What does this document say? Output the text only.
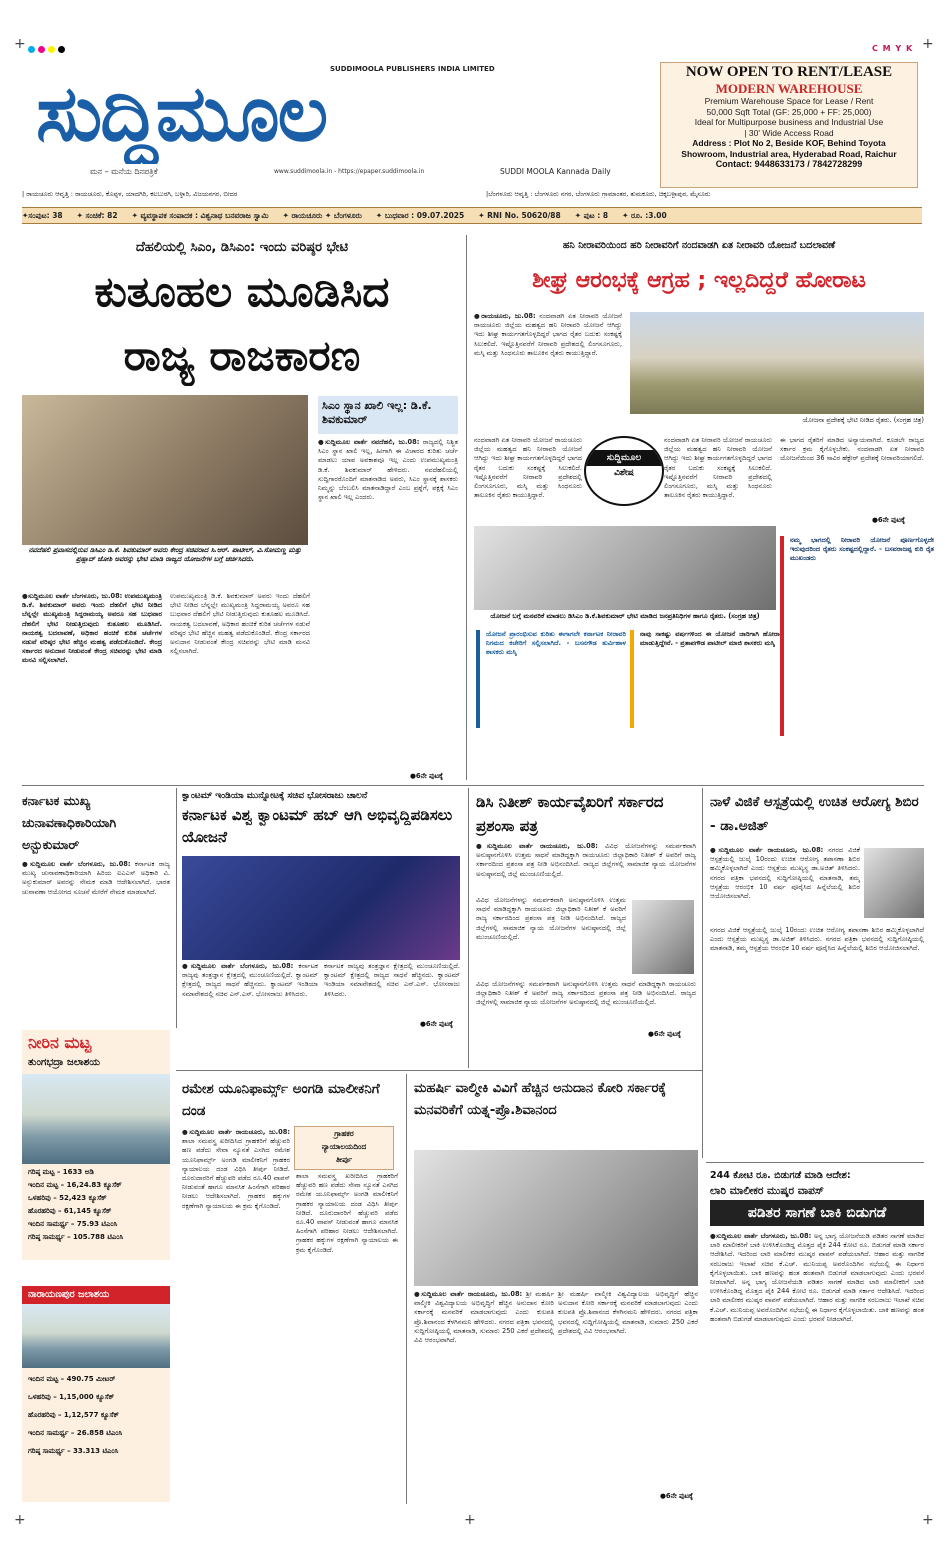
+	+
+	+
+
C M Y K
ಸುದ್ದಿಮೂಲ SUDDIMOOLA PUBLISHERS INDIA LIMITED
ಮನ – ಮನೆಯ ದಿನಪತ್ರಿಕೆ	www.suddimoola.in - https://epaper.suddimoola.in	SUDDI MOOLA Kannada Daily
NOW OPEN TO RENT/LEASE
MODERN WAREHOUSE
Premium Warehouse Space for Lease / Rent
50,000 Sqft Total (GF: 25,000 + FF: 25,000)
Ideal for Multipurpose business and Industrial Use
| 30' Wide Access Road
Address : Plot No 2, Beside KOF, Behind Toyota Showroom, Industrial area, Hyderabad Road, Raichur
Contact: 9448633173 / 7842728299
| ರಾಯಚೂರು ಆವೃತ್ತಿ : ರಾಯಚೂರು, ಕೊಪ್ಪಳ, ಯಾದಗಿರಿ, ಕಲಬುರಗಿ, ಬಳ್ಳಾರಿ, ವಿಜಯನಗರ, ಬೀದರ	|ಬೆಂಗಳೂರು ಆವೃತ್ತಿ : ಬೆಂಗಳೂರು ನಗರ, ಬೆಂಗಳೂರು ಗ್ರಾಮಾಂತರ, ತುಮಕೂರು, ಚಿಕ್ಕಬಳ್ಳಾಪುರ, ಮೈಸೂರು
✦ಸಂಪುಟ: 38 ✦ ಸಂಚಿಕೆ: 82 ✦ ವ್ಯವಸ್ಥಾಪಕ ಸಂಪಾದಕ : ವಿಶ್ವನಾಥ ಬನವರಾಜ ಸ್ವಾಮಿ ✦ ರಾಯಚೂರು ✦ ಬೆಂಗಳೂರು ✦ ಬುಧವಾರ : 09.07.2025 ✦ RNI No. 50620/88 ✦ ಪುಟ : 8 ✦ ರೂ. :3.00
ದೆಹಲಿಯಲ್ಲಿ ಸಿಎಂ, ಡಿಸಿಎಂ: ಇಂದು ವರಿಷ್ಠರ ಭೇಟಿ
ಕುತೂಹಲ ಮೂಡಿಸಿದ
ರಾಜ್ಯ ರಾಜಕಾರಣ
ನವದೆಹಲಿ ಪ್ರವಾಸದಲ್ಲಿರುವ ಡಿಸಿಎಂ ಡಿ.ಕೆ. ಶಿವಕುಮಾರ್ ಅವರು ಕೇಂದ್ರ ಸಚಿವರಾದ ಸಿ.ಆರ್. ಪಾಟೀಲ್, ವಿ.ಸೋಮಣ್ಣ ಮತ್ತು ಪ್ರಹ್ಲಾದ್ ಜೋಶಿ ಅವರನ್ನು ಭೇಟಿ ಮಾಡಿ ರಾಜ್ಯದ ಯೋಜನೆಗಳ ಬಗ್ಗೆ ಚರ್ಚಿಸಿದರು.
ಸಿಎಂ ಸ್ಥಾನ ಖಾಲಿ ಇಲ್ಲ: ಡಿ.ಕೆ. ಶಿವಕುಮಾರ್
●ಸುದ್ದಿಮೂಲ ವಾರ್ತೆ ನವದೆಹಲಿ, ಜು.08: ರಾಜ್ಯದಲ್ಲಿ ನಿಶ್ಚಿತ ಸಿಎಂ ಸ್ಥಾನ ಖಾಲಿ ಇಲ್ಲ, ಹೀಗಾಗಿ ಈ ವಿಚಾರದ ಕುರಿತು ಚರ್ಚೆ ಮಾಡಲು ಯಾವ ಅವಕಾಶವೂ ಇಲ್ಲ ಎಂದು ಉಪಮುಖ್ಯಮಂತ್ರಿ ಡಿ.ಕೆ. ಶಿವಕುಮಾರ್ ಹೇಳಿದರು. ನವದೆಹಲಿಯಲ್ಲಿ ಸುದ್ದಿಗಾರರೊಂದಿಗೆ ಮಾತನಾಡಿದ ಅವರು, ಸಿಎಂ ಸ್ಥಾನಕ್ಕೆ ಶಾಸಕರು ನಿಮ್ಮನ್ನು ಬೆಂಬಲಿಸಿ ಮಾತನಾಡಿದ್ದಾರೆ ಎಂಬ ಪ್ರಶ್ನೆಗೆ, ಪಕ್ಷಕ್ಕೆ ಸಿಎಂ ಸ್ಥಾನ ಖಾಲಿ ಇಲ್ಲ ಎಂದರು.
●ಸುದ್ದಿಮೂಲ ವಾರ್ತೆ ಬೆಂಗಳೂರು, ಜು.08: ಉಪಮುಖ್ಯಮಂತ್ರಿ ಡಿ.ಕೆ. ಶಿವಕುಮಾರ್ ಅವರು ಇಂದು ದೆಹಲಿಗೆ ಭೇಟಿ ನೀಡಿದ ಬೆನ್ನಲ್ಲೇ ಮುಖ್ಯಮಂತ್ರಿ ಸಿದ್ದರಾಮಯ್ಯ ಅವರೂ ಸಹ ಬುಧವಾರ ದೆಹಲಿಗೆ ಭೇಟಿ ನೀಡುತ್ತಿರುವುದು ಕುತೂಹಲ ಮೂಡಿಸಿದೆ. ನಾಯಕತ್ವ ಬದಲಾವಣೆ, ಅಧಿಕಾರ ಹಂಚಿಕೆ ಕುರಿತ ಚರ್ಚೆಗಳ ನಡುವೆ ವರಿಷ್ಠರ ಭೇಟಿ ಹೆಚ್ಚಿನ ಮಹತ್ವ ಪಡೆದುಕೊಂಡಿದೆ. ಕೇಂದ್ರ ಸರ್ಕಾರದ ಅನುದಾನ ನೀಡುವಂತೆ ಕೇಂದ್ರ ಸಚಿವರನ್ನು ಭೇಟಿ ಮಾಡಿ ಮನವಿ ಸಲ್ಲಿಸಲಾಗಿದೆ.
ಉಪಮುಖ್ಯಮಂತ್ರಿ ಡಿ.ಕೆ. ಶಿವಕುಮಾರ್ ಅವರು ಇಂದು ದೆಹಲಿಗೆ ಭೇಟಿ ನೀಡಿದ ಬೆನ್ನಲ್ಲೇ ಮುಖ್ಯಮಂತ್ರಿ ಸಿದ್ದರಾಮಯ್ಯ ಅವರೂ ಸಹ ಬುಧವಾರ ದೆಹಲಿಗೆ ಭೇಟಿ ನೀಡುತ್ತಿರುವುದು ಕುತೂಹಲ ಮೂಡಿಸಿದೆ. ನಾಯಕತ್ವ ಬದಲಾವಣೆ, ಅಧಿಕಾರ ಹಂಚಿಕೆ ಕುರಿತ ಚರ್ಚೆಗಳ ನಡುವೆ ವರಿಷ್ಠರ ಭೇಟಿ ಹೆಚ್ಚಿನ ಮಹತ್ವ ಪಡೆದುಕೊಂಡಿದೆ. ಕೇಂದ್ರ ಸರ್ಕಾರದ ಅನುದಾನ ನೀಡುವಂತೆ ಕೇಂದ್ರ ಸಚಿವರನ್ನು ಭೇಟಿ ಮಾಡಿ ಮನವಿ ಸಲ್ಲಿಸಲಾಗಿದೆ.
●6ನೇ ಪುಟಕ್ಕೆ
ಹನಿ ನೀರಾವರಿಯಿಂದ ಹರಿ ನೀರಾವರಿಗೆ ನಂದವಾಡಗಿ ಏತ ನೀರಾವರಿ ಯೋಜನೆ ಬದಲಾವಣೆ
ಶೀಘ್ರ ಆರಂಭಕ್ಕೆ ಆಗ್ರಹ ; ಇಲ್ಲದಿದ್ದರೆ ಹೋರಾಟ
●ರಾಯಚೂರು, ಜು.08: ನಂದವಾಡಗಿ ಏತ ನೀರಾವರಿ ಯೋಜನೆ ರಾಯಚೂರು ಜಿಲ್ಲೆಯ ಮಹತ್ವದ ಹನಿ ನೀರಾವರಿ ಯೋಜನೆ ಆಗಿದ್ದು ಇದು ಶೀಘ್ರ ಕಾರ್ಯಗತಗೊಳ್ಳದಿದ್ದರೆ ಭಾಗದ ರೈತರ ಬದುಕು ಸಂಕಷ್ಟಕ್ಕೆ ಸಿಲುಕಲಿದೆ. ಇಷ್ಟೊತ್ತಿನವರೆಗೆ ನೀರಾವರಿ ಪ್ರದೇಶದಲ್ಲಿ ಲಿಂಗಸೂಗೂರು, ಮಸ್ಕಿ ಮತ್ತು ಸಿಂಧನೂರು ತಾಲೂಕಿನ ರೈತರು ಕಾಯುತ್ತಿದ್ದಾರೆ.
ಯೋಜನಾ ಪ್ರದೇಶಕ್ಕೆ ಭೇಟಿ ನೀಡಿದ ರೈತರು. (ಸಂಗ್ರಹ ಚಿತ್ರ)
ಸುದ್ದಿಮೂಲ
ವಿಶೇಷ
ನಂದವಾಡಗಿ ಏತ ನೀರಾವರಿ ಯೋಜನೆ ರಾಯಚೂರು ಜಿಲ್ಲೆಯ ಮಹತ್ವದ ಹನಿ ನೀರಾವರಿ ಯೋಜನೆ ಆಗಿದ್ದು ಇದು ಶೀಘ್ರ ಕಾರ್ಯಗತಗೊಳ್ಳದಿದ್ದರೆ ಭಾಗದ ರೈತರ ಬದುಕು ಸಂಕಷ್ಟಕ್ಕೆ ಸಿಲುಕಲಿದೆ. ಇಷ್ಟೊತ್ತಿನವರೆಗೆ ನೀರಾವರಿ ಪ್ರದೇಶದಲ್ಲಿ ಲಿಂಗಸೂಗೂರು, ಮಸ್ಕಿ ಮತ್ತು ಸಿಂಧನೂರು ತಾಲೂಕಿನ ರೈತರು ಕಾಯುತ್ತಿದ್ದಾರೆ.
ನಂದವಾಡಗಿ ಏತ ನೀರಾವರಿ ಯೋಜನೆ ರಾಯಚೂರು ಜಿಲ್ಲೆಯ ಮಹತ್ವದ ಹನಿ ನೀರಾವರಿ ಯೋಜನೆ ಆಗಿದ್ದು ಇದು ಶೀಘ್ರ ಕಾರ್ಯಗತಗೊಳ್ಳದಿದ್ದರೆ ಭಾಗದ ರೈತರ ಬದುಕು ಸಂಕಷ್ಟಕ್ಕೆ ಸಿಲುಕಲಿದೆ. ಇಷ್ಟೊತ್ತಿನವರೆಗೆ ನೀರಾವರಿ ಪ್ರದೇಶದಲ್ಲಿ ಲಿಂಗಸೂಗೂರು, ಮಸ್ಕಿ ಮತ್ತು ಸಿಂಧನೂರು ತಾಲೂಕಿನ ರೈತರು ಕಾಯುತ್ತಿದ್ದಾರೆ.
ಈ ಭಾಗದ ರೈತರಿಗೆ ಮಾಡಿದ ಅನ್ಯಾಯವಾಗಿದೆ. ಕೂಡಲೇ ರಾಜ್ಯದ ಸರ್ಕಾರ ಕ್ರಮ ಕೈಗೊಳ್ಳಬೇಕು. ನಂದವಾಡಗಿ ಏತ ನೀರಾವರಿ ಯೋಜನೆಯಿಂದ 36 ಸಾವಿರ ಹೆಕ್ಟೇರ್ ಪ್ರದೇಶಕ್ಕೆ ನೀರಾವರಿಯಾಗಲಿದೆ.
ಯೋಜನೆ ಬಗ್ಗೆ ಮನವರಿಕೆ ಮಾಡಲು ಡಿಸಿಎಂ ಡಿ.ಕೆ.ಶಿವಕುಮಾರ್ ಭೇಟಿ ಮಾಡಿದ ಜನಪ್ರತಿನಿಧಿಗಳ ಹಾಗೂ ರೈತರು. (ಸಂಗ್ರಹ ಚಿತ್ರ)
ಯೋಜನೆ ಪ್ರಾರಂಭಿಸುವ ಕುರಿತು ಈಗಾಗಲೇ ಕರ್ನಾಟಕ ನೀರಾವರಿ ನಿಗಮದ ಕಚೇರಿಗೆ ಸಲ್ಲಿಸಲಾಗಿದೆ. - ಬಸನಗೌಡ ತುರ್ವಿಹಾಳ ಶಾಸಕರು ಮಸ್ಕಿ
ನಾವು ಸಾಕಷ್ಟು ವರ್ಷಗಳಿಂದ ಈ ಯೋಜನೆ ಜಾರಿಗಾಗಿ ಹೋರಾಟ ಮಾಡುತ್ತಿದ್ದೇವೆ. - ಪ್ರತಾಪಗೌಡ ಪಾಟೀಲ್ ಮಾಜಿ ಶಾಸಕರು ಮಸ್ಕಿ
ನಮ್ಮ ಭಾಗದಲ್ಲಿ ನೀರಾವರಿ ಯೋಜನೆ ಪೂರ್ಣಗೊಳ್ಳದೇ ಇರುವುದರಿಂದ ರೈತರು ಸಂಕಷ್ಟದಲ್ಲಿದ್ದಾರೆ. - ಬಸವರಾಜಪ್ಪ ಕುರಿ ರೈತ ಮುಖಂಡರು
●6ನೇ ಪುಟಕ್ಕೆ
ಕರ್ನಾಟಕ ಮುಖ್ಯ ಚುನಾವಣಾಧಿಕಾರಿಯಾಗಿ ಅನ್ಬುಕುಮಾರ್
●ಸುದ್ದಿಮೂಲ ವಾರ್ತೆ ಬೆಂಗಳೂರು, ಜು.08: ಕರ್ನಾಟಕ ರಾಜ್ಯ ಮುಖ್ಯ ಚುನಾವಣಾಧಿಕಾರಿಯಾಗಿ ಹಿರಿಯ ಐಎಎಸ್ ಅಧಿಕಾರಿ ವಿ. ಅನ್ಬುಕುಮಾರ್ ಅವರನ್ನು ನೇಮಕ ಮಾಡಿ ಆದೇಶಿಸಲಾಗಿದೆ. ಭಾರತ ಚುನಾವಣಾ ಆಯೋಗದ ಸೂಚನೆ ಮೇರೆಗೆ ನೇಮಕ ಮಾಡಲಾಗಿದೆ.
ಕ್ವಾಂಟಮ್ ಇಂಡಿಯಾ ಮುನ್ನೋಟಕ್ಕೆ ಸಚಿವ ಭೋಸರಾಜು ಚಾಲನೆ
ಕರ್ನಾಟಕ ವಿಶ್ವ ಕ್ವಾಂಟಮ್ ಹಬ್ ಆಗಿ ಅಭಿವೃದ್ದಿಪಡಿಸಲು ಯೋಜನೆ
●ಸುದ್ದಿಮೂಲ ವಾರ್ತೆ ಬೆಂಗಳೂರು, ಜು.08: ಕರ್ನಾಟಕ ರಾಜ್ಯವು ತಂತ್ರಜ್ಞಾನ ಕ್ಷೇತ್ರದಲ್ಲಿ ಮುಂಚೂಣಿಯಲ್ಲಿದೆ. ಕ್ವಾಂಟಮ್ ಕ್ಷೇತ್ರದಲ್ಲಿ ರಾಜ್ಯದ ಸಾಧನೆ ಹೆಚ್ಚಿನದು. ಕ್ವಾಂಟಮ್ ಇಂಡಿಯಾ ಸಮಾವೇಶದಲ್ಲಿ ಸಚಿವ ಎನ್.ಎಸ್. ಭೋಸರಾಜು ತಿಳಿಸಿದರು.
ಕರ್ನಾಟಕ ರಾಜ್ಯವು ತಂತ್ರಜ್ಞಾನ ಕ್ಷೇತ್ರದಲ್ಲಿ ಮುಂಚೂಣಿಯಲ್ಲಿದೆ. ಕ್ವಾಂಟಮ್ ಕ್ಷೇತ್ರದಲ್ಲಿ ರಾಜ್ಯದ ಸಾಧನೆ ಹೆಚ್ಚಿನದು. ಕ್ವಾಂಟಮ್ ಇಂಡಿಯಾ ಸಮಾವೇಶದಲ್ಲಿ ಸಚಿವ ಎನ್.ಎಸ್. ಭೋಸರಾಜು ತಿಳಿಸಿದರು.
●6ನೇ ಪುಟಕ್ಕೆ
ಡಿಸಿ ನಿತೀಶ್ ಕಾರ್ಯವೈಖರಿಗೆ ಸರ್ಕಾರದ ಪ್ರಶಂಸಾ ಪತ್ರ
●ಸುದ್ದಿಮೂಲ ವಾರ್ತೆ ರಾಯಚೂರು, ಜು.08: ವಿವಿಧ ಯೋಜನೆಗಳನ್ನು ಸಮರ್ಪಕವಾಗಿ ಅನುಷ್ಠಾನಗೊಳಿಸಿ ಉತ್ತಮ ಸಾಧನೆ ಮಾಡಿದ್ದಕ್ಕಾಗಿ ರಾಯಚೂರು ಜಿಲ್ಲಾಧಿಕಾರಿ ನಿತೀಶ್ ಕೆ ಅವರಿಗೆ ರಾಜ್ಯ ಸರ್ಕಾರದಿಂದ ಪ್ರಶಂಸಾ ಪತ್ರ ನೀಡಿ ಅಭಿನಂದಿಸಿದೆ. ರಾಜ್ಯದ ಜಿಲ್ಲೆಗಳಲ್ಲಿ ಸಾಮಾಜಿಕ ನ್ಯಾಯ ಯೋಜನೆಗಳ ಅನುಷ್ಠಾನದಲ್ಲಿ ಜಿಲ್ಲೆ ಮುಂಚೂಣಿಯಲ್ಲಿದೆ.
ವಿವಿಧ ಯೋಜನೆಗಳನ್ನು ಸಮರ್ಪಕವಾಗಿ ಅನುಷ್ಠಾನಗೊಳಿಸಿ ಉತ್ತಮ ಸಾಧನೆ ಮಾಡಿದ್ದಕ್ಕಾಗಿ ರಾಯಚೂರು ಜಿಲ್ಲಾಧಿಕಾರಿ ನಿತೀಶ್ ಕೆ ಅವರಿಗೆ ರಾಜ್ಯ ಸರ್ಕಾರದಿಂದ ಪ್ರಶಂಸಾ ಪತ್ರ ನೀಡಿ ಅಭಿನಂದಿಸಿದೆ. ರಾಜ್ಯದ ಜಿಲ್ಲೆಗಳಲ್ಲಿ ಸಾಮಾಜಿಕ ನ್ಯಾಯ ಯೋಜನೆಗಳ ಅನುಷ್ಠಾನದಲ್ಲಿ ಜಿಲ್ಲೆ ಮುಂಚೂಣಿಯಲ್ಲಿದೆ.
ವಿವಿಧ ಯೋಜನೆಗಳನ್ನು ಸಮರ್ಪಕವಾಗಿ ಅನುಷ್ಠಾನಗೊಳಿಸಿ ಉತ್ತಮ ಸಾಧನೆ ಮಾಡಿದ್ದಕ್ಕಾಗಿ ರಾಯಚೂರು ಜಿಲ್ಲಾಧಿಕಾರಿ ನಿತೀಶ್ ಕೆ ಅವರಿಗೆ ರಾಜ್ಯ ಸರ್ಕಾರದಿಂದ ಪ್ರಶಂಸಾ ಪತ್ರ ನೀಡಿ ಅಭಿನಂದಿಸಿದೆ. ರಾಜ್ಯದ ಜಿಲ್ಲೆಗಳಲ್ಲಿ ಸಾಮಾಜಿಕ ನ್ಯಾಯ ಯೋಜನೆಗಳ ಅನುಷ್ಠಾನದಲ್ಲಿ ಜಿಲ್ಲೆ ಮುಂಚೂಣಿಯಲ್ಲಿದೆ.
●6ನೇ ಪುಟಕ್ಕೆ
ನಾಳೆ ವಿಜಿಕೆ ಆಸ್ಪತ್ರೆಯಲ್ಲಿ ಉಚಿತ ಆರೋಗ್ಯ ಶಿಬಿರ - ಡಾ.ಅಜಿತ್
●ಸುದ್ದಿಮೂಲ ವಾರ್ತೆ ರಾಯಚೂರು, ಜು.08: ನಗರದ ವಿಜಿಕೆ ಆಸ್ಪತ್ರೆಯಲ್ಲಿ ಜುಲೈ 10ರಂದು ಉಚಿತ ಆರೋಗ್ಯ ತಪಾಸಣಾ ಶಿಬಿರ ಹಮ್ಮಿಕೊಳ್ಳಲಾಗಿದೆ ಎಂದು ಆಸ್ಪತ್ರೆಯ ಮುಖ್ಯಸ್ಥ ಡಾ.ಅಜಿತ್ ತಿಳಿಸಿದರು. ನಗರದ ಪತ್ರಿಕಾ ಭವನದಲ್ಲಿ ಸುದ್ದಿಗೋಷ್ಠಿಯಲ್ಲಿ ಮಾತನಾಡಿ, ತಮ್ಮ ಆಸ್ಪತ್ರೆಯ ಆರಂಭಿಕ 10 ವರ್ಷ ಪೂರೈಸಿದ ಹಿನ್ನೆಲೆಯಲ್ಲಿ ಶಿಬಿರ ಆಯೋಜಿಸಲಾಗಿದೆ.
ನಗರದ ವಿಜಿಕೆ ಆಸ್ಪತ್ರೆಯಲ್ಲಿ ಜುಲೈ 10ರಂದು ಉಚಿತ ಆರೋಗ್ಯ ತಪಾಸಣಾ ಶಿಬಿರ ಹಮ್ಮಿಕೊಳ್ಳಲಾಗಿದೆ ಎಂದು ಆಸ್ಪತ್ರೆಯ ಮುಖ್ಯಸ್ಥ ಡಾ.ಅಜಿತ್ ತಿಳಿಸಿದರು. ನಗರದ ಪತ್ರಿಕಾ ಭವನದಲ್ಲಿ ಸುದ್ದಿಗೋಷ್ಠಿಯಲ್ಲಿ ಮಾತನಾಡಿ, ತಮ್ಮ ಆಸ್ಪತ್ರೆಯ ಆರಂಭಿಕ 10 ವರ್ಷ ಪೂರೈಸಿದ ಹಿನ್ನೆಲೆಯಲ್ಲಿ ಶಿಬಿರ ಆಯೋಜಿಸಲಾಗಿದೆ.
ನೀರಿನ ಮಟ್ಟ
ತುಂಗಭದ್ರಾ ಜಲಾಶಯ
ಗರಿಷ್ಠ ಮಟ್ಟ – 1633 ಅಡಿ
ಇಂದಿನ ಮಟ್ಟ – 16,24.83 ಕ್ಯೂಸೆಕ್
ಒಳಹರಿವು – 52,423 ಕ್ಯೂಸೆಕ್
ಹೊರಹರಿವು – 61,145 ಕ್ಯೂಸೆಕ್
ಇಂದಿನ ಸಾಮರ್ಥ್ಯ – 75.93 ಟಿಎಂಸಿ
ಗರಿಷ್ಠ ಸಾಮರ್ಥ್ಯ – 105.788 ಟಿಎಂಸಿ
ನಾರಾಯಣಪುರ ಜಲಾಶಯ
ಇಂದಿನ ಮಟ್ಟ – 490.75 ಮೀಟರ್
ಒಳಹರಿವು – 1,15,000 ಕ್ಯೂಸೆಕ್
ಹೊರಹರಿವು – 1,12,577 ಕ್ಯೂಸೆಕ್
ಇಂದಿನ ಸಾಮರ್ಥ್ಯ – 26.858 ಟಿಎಂಸಿ
ಗರಿಷ್ಠ ಸಾಮರ್ಥ್ಯ – 33.313 ಟಿಎಂಸಿ
ರಮೇಶ ಯೂನಿಫಾರ್ಮ್ಸ್ ಅಂಗಡಿ ಮಾಲೀಕನಿಗೆ ದಂಡ
ಗ್ರಾಹಕರ
ನ್ಯಾಯಾಲಯದಿಂದ
ತೀರ್ಪು
●ಸುದ್ದಿಮೂಲ ವಾರ್ತೆ ರಾಯಚೂರು, ಜು.08: ಶಾಲಾ ಸಮವಸ್ತ್ರ ಖರೀದಿಸಿದ ಗ್ರಾಹಕರಿಗೆ ಹೆಚ್ಚುವರಿ ಹಣ ಪಡೆದು ಸೇವಾ ನ್ಯೂನತೆ ಎಸಗಿದ ರಮೇಶ ಯೂನಿಫಾರ್ಮ್ಸ್ ಅಂಗಡಿ ಮಾಲೀಕನಿಗೆ ಗ್ರಾಹಕರ ನ್ಯಾಯಾಲಯ ದಂಡ ವಿಧಿಸಿ ತೀರ್ಪು ನೀಡಿದೆ. ದೂರುದಾರರಿಗೆ ಹೆಚ್ಚುವರಿ ಪಡೆದ ರೂ.40 ವಾಪಸ್ ನೀಡುವಂತೆ ಹಾಗೂ ಮಾನಸಿಕ ಹಿಂಸೆಗಾಗಿ ಪರಿಹಾರ ನೀಡಲು ಆದೇಶಿಸಲಾಗಿದೆ. ಗ್ರಾಹಕರ ಹಕ್ಕುಗಳ ರಕ್ಷಣೆಗಾಗಿ ನ್ಯಾಯಾಲಯ ಈ ಕ್ರಮ ಕೈಗೊಂಡಿದೆ.
ಶಾಲಾ ಸಮವಸ್ತ್ರ ಖರೀದಿಸಿದ ಗ್ರಾಹಕರಿಗೆ ಹೆಚ್ಚುವರಿ ಹಣ ಪಡೆದು ಸೇವಾ ನ್ಯೂನತೆ ಎಸಗಿದ ರಮೇಶ ಯೂನಿಫಾರ್ಮ್ಸ್ ಅಂಗಡಿ ಮಾಲೀಕನಿಗೆ ಗ್ರಾಹಕರ ನ್ಯಾಯಾಲಯ ದಂಡ ವಿಧಿಸಿ ತೀರ್ಪು ನೀಡಿದೆ. ದೂರುದಾರರಿಗೆ ಹೆಚ್ಚುವರಿ ಪಡೆದ ರೂ.40 ವಾಪಸ್ ನೀಡುವಂತೆ ಹಾಗೂ ಮಾನಸಿಕ ಹಿಂಸೆಗಾಗಿ ಪರಿಹಾರ ನೀಡಲು ಆದೇಶಿಸಲಾಗಿದೆ. ಗ್ರಾಹಕರ ಹಕ್ಕುಗಳ ರಕ್ಷಣೆಗಾಗಿ ನ್ಯಾಯಾಲಯ ಈ ಕ್ರಮ ಕೈಗೊಂಡಿದೆ.
ಮಹರ್ಷಿ ವಾಲ್ಮೀಕಿ ವಿವಿಗೆ ಹೆಚ್ಚಿನ ಅನುದಾನ ಕೋರಿ ಸರ್ಕಾರಕ್ಕೆ ಮನವರಿಕೆಗೆ ಯತ್ನ-ಪ್ರೊ.ಶಿವಾನಂದ
●ಸುದ್ದಿಮೂಲ ವಾರ್ತೆ ರಾಯಚೂರು, ಜು.08: ಶ್ರೀ ಮಹರ್ಷಿ ವಾಲ್ಮೀಕಿ ವಿಶ್ವವಿದ್ಯಾಲಯ ಅಭಿವೃದ್ಧಿಗೆ ಹೆಚ್ಚಿನ ಅನುದಾನ ಕೋರಿ ಸರ್ಕಾರಕ್ಕೆ ಮನವರಿಕೆ ಮಾಡಲಾಗುವುದು ಎಂದು ಕುಲಪತಿ ಪ್ರೊ.ಶಿವಾನಂದ ಕೆಳಗಿನಮನಿ ಹೇಳಿದರು. ನಗರದ ಪತ್ರಿಕಾ ಭವನದಲ್ಲಿ ಸುದ್ದಿಗೋಷ್ಠಿಯಲ್ಲಿ ಮಾತನಾಡಿ, ಸುಮಾರು 250 ಎಕರೆ ಪ್ರದೇಶದಲ್ಲಿ ವಿವಿ ಆರಂಭವಾಗಿದೆ.
ಶ್ರೀ ಮಹರ್ಷಿ ವಾಲ್ಮೀಕಿ ವಿಶ್ವವಿದ್ಯಾಲಯ ಅಭಿವೃದ್ಧಿಗೆ ಹೆಚ್ಚಿನ ಅನುದಾನ ಕೋರಿ ಸರ್ಕಾರಕ್ಕೆ ಮನವರಿಕೆ ಮಾಡಲಾಗುವುದು ಎಂದು ಕುಲಪತಿ ಪ್ರೊ.ಶಿವಾನಂದ ಕೆಳಗಿನಮನಿ ಹೇಳಿದರು. ನಗರದ ಪತ್ರಿಕಾ ಭವನದಲ್ಲಿ ಸುದ್ದಿಗೋಷ್ಠಿಯಲ್ಲಿ ಮಾತನಾಡಿ, ಸುಮಾರು 250 ಎಕರೆ ಪ್ರದೇಶದಲ್ಲಿ ವಿವಿ ಆರಂಭವಾಗಿದೆ.
●6ನೇ ಪುಟಕ್ಕೆ
244 ಕೋಟಿ ರೂ. ಬಿಡುಗಡೆ ಮಾಡಿ ಆದೇಶ:
ಲಾರಿ ಮಾಲೀಕರ ಮುಷ್ಕರ ವಾಪಸ್
ಪಡಿತರ ಸಾಗಣೆ ಬಾಕಿ ಬಿಡುಗಡೆ
●ಸುದ್ದಿಮೂಲ ವಾರ್ತೆ ಬೆಂಗಳೂರು, ಜು.08: ಅನ್ನ ಭಾಗ್ಯ ಯೋಜನೆಯಡಿ ಪಡಿತರ ಸಾಗಣೆ ಮಾಡಿದ ಲಾರಿ ಮಾಲೀಕರಿಗೆ ಬಾಕಿ ಉಳಿಸಿಕೊಂಡಿದ್ದ ಮೊತ್ತದ ಪೈಕಿ 244 ಕೋಟಿ ರೂ. ಬಿಡುಗಡೆ ಮಾಡಿ ಸರ್ಕಾರ ಆದೇಶಿಸಿದೆ. ಇದರಿಂದ ಲಾರಿ ಮಾಲೀಕರ ಮುಷ್ಕರ ವಾಪಸ್ ಪಡೆಯಲಾಗಿದೆ. ಆಹಾರ ಮತ್ತು ನಾಗರಿಕ ಸರಬರಾಜು ಇಲಾಖೆ ಸಚಿವ ಕೆ.ಎಚ್. ಮುನಿಯಪ್ಪ ಅವರೊಂದಿಗಿನ ಸಭೆಯಲ್ಲಿ ಈ ನಿರ್ಧಾರ ಕೈಗೊಳ್ಳಲಾಯಿತು. ಬಾಕಿ ಹಣವನ್ನು ಹಂತ ಹಂತವಾಗಿ ಬಿಡುಗಡೆ ಮಾಡಲಾಗುವುದು ಎಂದು ಭರವಸೆ ನೀಡಲಾಗಿದೆ. ಅನ್ನ ಭಾಗ್ಯ ಯೋಜನೆಯಡಿ ಪಡಿತರ ಸಾಗಣೆ ಮಾಡಿದ ಲಾರಿ ಮಾಲೀಕರಿಗೆ ಬಾಕಿ ಉಳಿಸಿಕೊಂಡಿದ್ದ ಮೊತ್ತದ ಪೈಕಿ 244 ಕೋಟಿ ರೂ. ಬಿಡುಗಡೆ ಮಾಡಿ ಸರ್ಕಾರ ಆದೇಶಿಸಿದೆ. ಇದರಿಂದ ಲಾರಿ ಮಾಲೀಕರ ಮುಷ್ಕರ ವಾಪಸ್ ಪಡೆಯಲಾಗಿದೆ. ಆಹಾರ ಮತ್ತು ನಾಗರಿಕ ಸರಬರಾಜು ಇಲಾಖೆ ಸಚಿವ ಕೆ.ಎಚ್. ಮುನಿಯಪ್ಪ ಅವರೊಂದಿಗಿನ ಸಭೆಯಲ್ಲಿ ಈ ನಿರ್ಧಾರ ಕೈಗೊಳ್ಳಲಾಯಿತು. ಬಾಕಿ ಹಣವನ್ನು ಹಂತ ಹಂತವಾಗಿ ಬಿಡುಗಡೆ ಮಾಡಲಾಗುವುದು ಎಂದು ಭರವಸೆ ನೀಡಲಾಗಿದೆ.
